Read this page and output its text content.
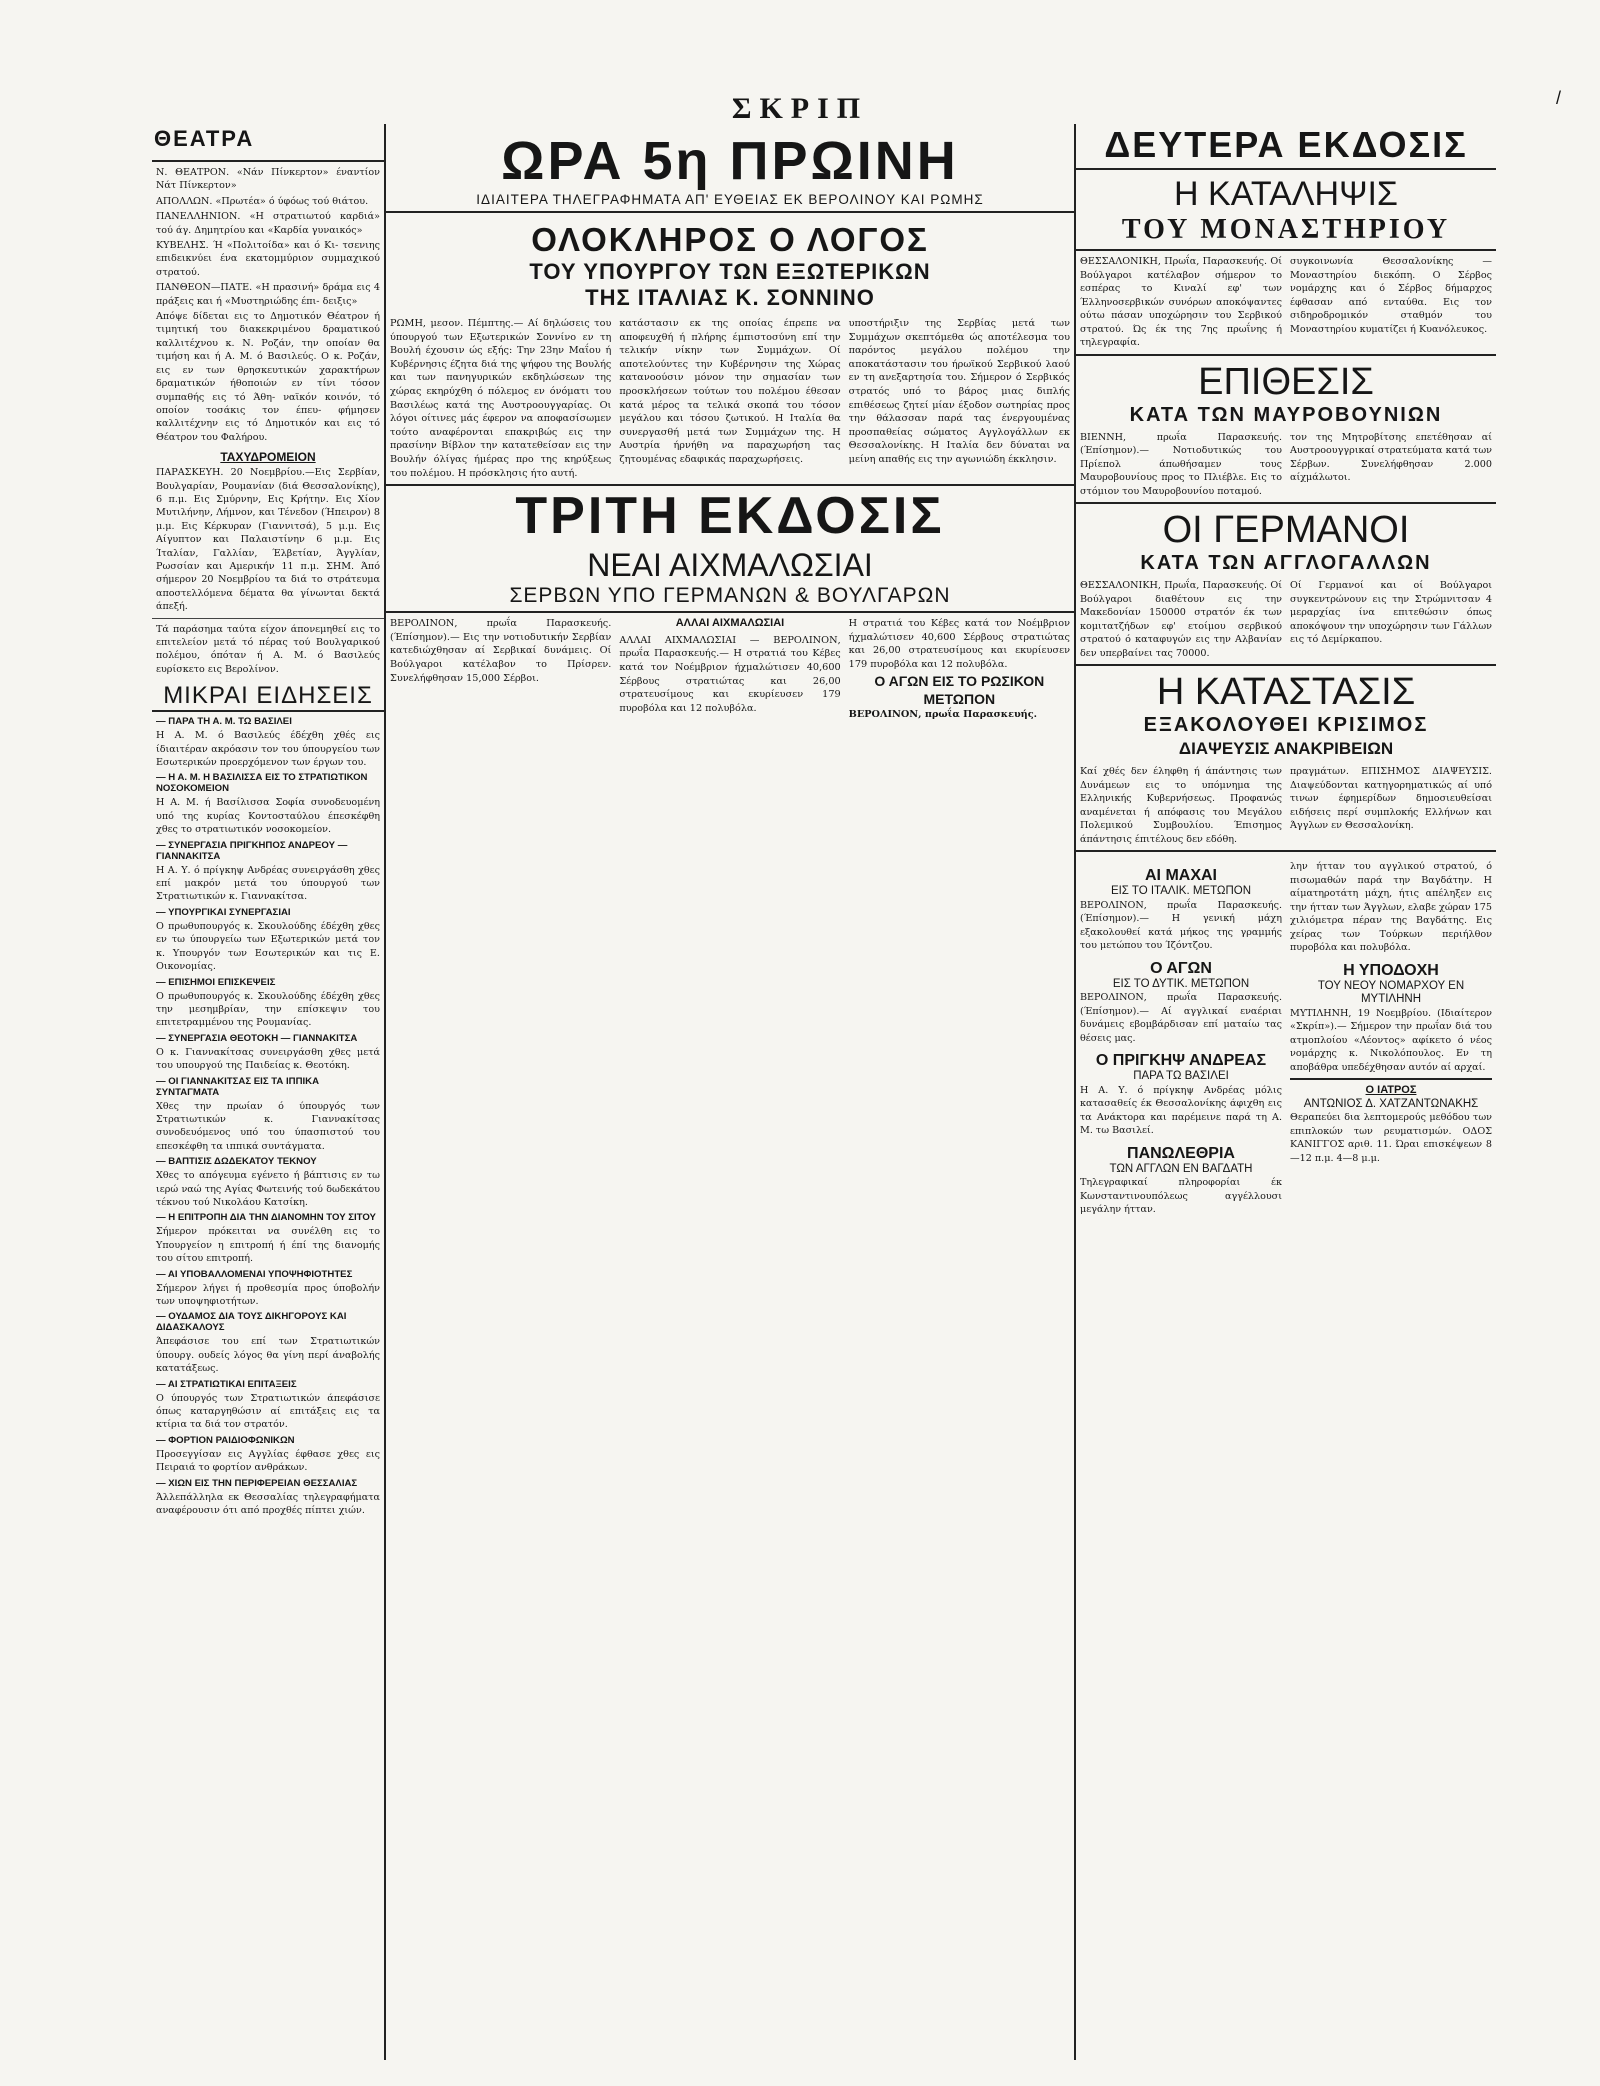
ΣΚΡΙΠ	/
ΘΕΑΤΡΑ

Ν. ΘΕΑΤΡΟΝ. «Νάν Πίνκερτον» έναντίον Νάτ Πίνκερτον»

ΑΠΟΛΛΩΝ. «Πρωτέα» ό ύφόως τού θιάτου.

ΠΑΝΕΛΛΗΝΙΟΝ. «Η στρατιωτού καρδιά» τού άγ. Δημητρίου και «Καρδία γυναικός»

ΚΥΒΕΛΗΣ. Ή «Πολιτοίδα» και ό Κι- τσενιης επιδεικνύει ένα εκατομμύριον συμμαχικού στρατού.

ΠΑΝΘΕΟΝ—ΠΑΤΕ. «Η πρασινή» δράμα εις 4 πράξεις και ή «Μυστηριώδης έπι- δειξις»

Απόψε δίδεται εις το Δημοτικόν Θέατρον ή τιμητική του διακεκριμένου δραματικού καλλιτέχνου κ. Ν. Ροζάν, την οποίαν θα τιμήση και ή Α. Μ. ό Βασιλεύς. Ο κ. Ροζάν, εις εν των θρησκευτικών χαρακτήρων δραματικών ήθοποιών εν τίνι τόσον συμπαθής εις τό Άθη- ναϊκόν κοινόν, τό οποίον τοσάκις τον έπευ- φήμησεν καλλιτέχνην εις τό Δημοτικόν και εις τό Θέατρον του Φαλήρου.

ΤΑΧΥΔΡΟΜΕΙΟΝ

ΠΑΡΑΣΚΕΥΗ. 20 Νοεμβρίου.—Εις Σερβίαν, Βουλγαρίαν, Ρουμανίαν (διά Θεσσαλονίκης), 6 π.μ. Εις Σμύρνην, Εις Κρήτην. Εις Χίον Μυτιλήνην, Λήμνον, και Τένεδον (Ήπειρον) 8 μ.μ. Εις Κέρκυραν (Γιαννιτσά), 5 μ.μ. Εις Αίγυπτον και Παλαιστίνην 6 μ.μ. Εις Ίταλίαν, Γαλλίαν, Έλβετίαν, Άγγλίαν, Ρωσσίαν και Αμερικήν 11 π.μ. ΣΗΜ. Άπό σήμερον 20 Νοεμβρίου τα διά το στράτευμα αποστελλόμενα δέματα θα γίνωνται δεκτά άπεξή.

Τά παράσημα ταύτα είχον άπονεμηθεί εις το επιτελείον μετά τό πέρας τού Βουλγαρικού πολέμου, όπόταν ή Α. Μ. ό Βασιλεύς ευρίσκετο εις Βερολίνον.

ΜΙΚΡΑΙ ΕΙΔΗΣΕΙΣ
— ΠΑΡΑ ΤΗ Α. Μ. ΤΩ ΒΑΣΙΛΕΙ

Η Α. Μ. ό Βασιλεύς έδέχθη χθές εις ίδιαιτέραν ακρόασιν τον του ύπουργείου των Εσωτερικών προερχόμενον των έργων του.

— Η Α. Μ. Η ΒΑΣΙΛΙΣΣΑ ΕΙΣ ΤΟ ΣΤΡΑΤΙΩΤΙΚΟΝ ΝΟΣΟΚΟΜΕΙΟΝ

Η Α. Μ. ή Βασίλισσα Σοφία συνοδευομένη υπό της κυρίας Κοντοσταύλου έπεσκέφθη χθες το στρατιωτικόν νοσοκομείον.

— ΣΥΝΕΡΓΑΣΙΑ ΠΡΙΓΚΗΠΟΣ ΑΝΔΡΕΟΥ — ΓΙΑΝΝΑΚΙΤΣΑ

Η Α. Υ. ό πρίγκηψ Ανδρέας συνειργάσθη χθες επί μακρόν μετά του ύπουργού των Στρατιωτικών κ. Γιαννακίτσα.

— ΥΠΟΥΡΓΙΚΑΙ ΣΥΝΕΡΓΑΣΙΑΙ

Ο πρωθυπουργός κ. Σκουλούδης έδέχθη χθες εν τω ύπουργείω των Εξωτερικών μετά τον κ. Υπουργόν των Εσωτερικών και τις Ε. Οικονομίας.

— ΕΠΙΣΗΜΟΙ ΕΠΙΣΚΕΨΕΙΣ

Ο πρωθυπουργός κ. Σκουλούδης έδέχθη χθες την μεσημβρίαν, την επίσκεψιν του επιτετραμμένου της Ρουμανίας.

— ΣΥΝΕΡΓΑΣΙΑ ΘΕΟΤΟΚΗ — ΓΙΑΝΝΑΚΙΤΣΑ

Ο κ. Γιαννακίτσας συνειργάσθη χθες μετά του υπουργού της Παιδείας κ. Θεοτόκη.

— ΟΙ ΓΙΑΝΝΑΚΙΤΣΑΣ ΕΙΣ ΤΑ ΙΠΠΙΚΑ ΣΥΝΤΑΓΜΑΤΑ

Χθες την πρωίαν ό ύπουργός των Στρατιωτικών κ. Γιαννακίτσας συνοδευόμενος υπό του ύπασπιστού του επεσκέφθη τα ιππικά συντάγματα.

— ΒΑΠΤΙΣΙΣ ΔΩΔΕΚΑΤΟΥ ΤΕΚΝΟΥ

Χθες το απόγευμα εγένετο ή βάπτισις εν τω ιερώ ναώ της Αγίας Φωτεινής τού δωδεκάτου τέκνου τού Νικολάου Κατσίκη.

— Η ΕΠΙΤΡΟΠΗ ΔΙΑ ΤΗΝ ΔΙΑΝΟΜΗΝ ΤΟΥ ΣΙΤΟΥ

Σήμερον πρόκειται να συνέλθη εις το Υπουργείον η επιτροπή ή έπί της διανομής του σίτου επιτροπή.

— ΑΙ ΥΠΟΒΑΛΛΟΜΕΝΑΙ ΥΠΟΨΗΦΙΟΤΗΤΕΣ

Σήμερον λήγει ή προθεσμία προς ύποβολήν των υποψηφιοτήτων.

— ΟΥΔΑΜΟΣ ΔΙΑ ΤΟΥΣ ΔΙΚΗΓΟΡΟΥΣ ΚΑΙ ΔΙΔΑΣΚΑΛΟΥΣ

Άπεφάσισε του επί των Στρατιωτικών ύπουργ. ουδείς λόγος θα γίνη περί άναβολής κατατάξεως.

— ΑΙ ΣΤΡΑΤΙΩΤΙΚΑΙ ΕΠΙΤΑΞΕΙΣ

Ο ύπουργός των Στρατιωτικών άπεφάσισε όπως καταργηθώσιν αί επιτάξεις εις τα κτίρια τα διά τον στρατόν.

— ΦΟΡΤΙΟΝ ΡΑΙΔΙΟΦΩΝΙΚΩΝ

Προσεγγίσαν εις Αγγλίας έφθασε χθες εις Πειραιά το φορτίον ανθράκων.

— ΧΙΩΝ ΕΙΣ ΤΗΝ ΠΕΡΙΦΕΡΕΙΑΝ ΘΕΣΣΑΛΙΑΣ

Άλλεπάλληλα εκ Θεσσαλίας τηλεγραφήματα αναφέρουσιν ότι από προχθές πίπτει χιών.

ΩΡΑ 5η ΠΡΩΙΝΗ
ΙΔΙΑΙΤΕΡΑ ΤΗΛΕΓΡΑΦΗΜΑΤΑ ΑΠ' ΕΥΘΕΙΑΣ ΕΚ ΒΕΡΟΛΙΝΟΥ ΚΑΙ ΡΩΜΗΣ
ΟΛΟΚΛΗΡΟΣ Ο ΛΟΓΟΣ
ΤΟΥ ΥΠΟΥΡΓΟΥ ΤΩΝ ΕΞΩΤΕΡΙΚΩΝ
ΤΗΣ ΙΤΑΛΙΑΣ Κ. ΣΟΝΝΙΝΟ
ΡΩΜΗ, μεσον. Πέμπτης.— Αί δηλώσεις του ύπουργού των Εξωτερικών Σοννίνο εν τη Βουλή έχουσιν ώς εξής: Την 23ην Μαΐου ή Κυβέρνησις έζητα διά της ψήφου της Βουλής και των πανηγυρικών εκδηλώσεων της χώρας εκηρύχθη ό πόλεμος εν όνόματι του Βασιλέως κατά της Αυστροουγγαρίας. Οι λόγοι οίτινες μάς έφερον να αποφασίσωμεν τούτο αναφέρονται επακριβώς εις την πρασίνην Βίβλον την κατατεθείσαν εις την Βουλήν όλίγας ήμέρας προ της κηρύξεως του πολέμου. Η πρόσκλησις ήτο αυτή.
κατάστασιν εκ της οποίας έπρεπε να αποφευχθή ή πλήρης έμπιστοσύνη επί την τελικήν νίκην των Συμμάχων. Οί αποτελούντες την Κυβέρνησιν της Χώρας κατανοούσιν μόνον την σημασίαν των προσκλήσεων τούτων του πολέμου έθεσαν κατά μέρος τα τελικά σκοπά του τόσον μεγάλου και τόσου ζωτικού. Η Ιταλία θα συνεργασθή μετά των Συμμάχων της. Η Αυστρία ήρνήθη να παραχωρήση τας ζητουμένας εδαφικάς παραχωρήσεις.
υποστήριξιν της Σερβίας μετά των Συμμάχων σκεπτόμεθα ώς αποτέλεσμα του παρόντος μεγάλου πολέμου την αποκατάστασιν του ήρωϊκού Σερβικού λαού εν τη ανεξαρτησία του. Σήμερον ό Σερβικός στρατός υπό το βάρος μιας διπλής επιθέσεως ζητεί μίαν έξοδον σωτηρίας προς την θάλασσαν παρά τας ένεργουμένας προσπαθείας σώματος Αγγλογάλλων εκ Θεσσαλονίκης. Η Ιταλία δεν δύναται να μείνη απαθής εις την αγωνιώδη έκκλησιν.
ΤΡΙΤΗ ΕΚΔΟΣΙΣ
ΝΕΑΙ ΑΙΧΜΑΛΩΣΙΑΙ
ΣΕΡΒΩΝ ΥΠΟ ΓΕΡΜΑΝΩΝ & ΒΟΥΛΓΑΡΩΝ
ΒΕΡΟΛΙΝΟΝ, πρωΐα Παρασκευής. (Έπίσημον).— Εις την νοτιοδυτικήν Σερβίαν κατεδιώχθησαν αί Σερβικαί δυνάμεις. Οί Βούλγαροι κατέλαβον το Πρίσρεν. Συνελήφθησαν 15,000 Σέρβοι.
ΑΛΛΑΙ ΑΙΧΜΑΛΩΣΙΑΙ
ΑΛΛΑΙ ΑΙΧΜΑΛΩΣΙΑΙ — ΒΕΡΟΛΙΝΟΝ, πρωΐα Παρασκευής.— Η στρατιά του Κέβες κατά τον Νοέμβριον ήχμαλώτισεν 40,600 Σέρβους στρατιώτας και 26,00 στρατευσίμους και εκυρίευσεν 179 πυροβόλα και 12 πολυβόλα.
Η στρατιά του Κέβες κατά τον Νοέμβριον ήχμαλώτισεν 40,600 Σέρβους στρατιώτας και 26,00 στρατευσίμους και εκυρίευσεν 179 πυροβόλα και 12 πολυβόλα.
Ο ΑΓΩΝ ΕΙΣ ΤΟ ΡΩΣΙΚΟΝ ΜΕΤΩΠΟΝ
ΒΕΡΟΛΙΝΟΝ, πρωΐα Παρασκευής.
ΔΕΥΤΕΡΑ ΕΚΔΟΣΙΣ
Η ΚΑΤΑΛΗΨΙΣ
ΤΟΥ ΜΟΝΑΣΤΗΡΙΟΥ
ΘΕΣΣΑΛΟΝΙΚΗ, Πρωΐα, Παρασκευής. Οί Βούλγαροι κατέλαβον σήμερον το εσπέρας το Κιναλί εφ' των Έλληνοσερβικών συνόρων αποκόψαντες ούτω πάσαν υποχώρησιν του Σερβικού στρατού. Ώς έκ της 7ης πρωΐνης ή τηλεγραφία.
συγκοινωνία Θεσσαλονίκης — Μοναστηρίου διεκόπη. Ο Σέρβος νομάρχης και ό Σέρβος δήμαρχος έφθασαν από ενταύθα. Εις τον σιδηροδρομικόν σταθμόν του Μοναστηρίου κυματίζει ή Κυανόλευκος.
ΕΠΙΘΕΣΙΣ
ΚΑΤΑ ΤΩΝ ΜΑΥΡΟΒΟΥΝΙΩΝ
ΒΙΕΝΝΗ, πρωΐα Παρασκευής. (Έπίσημον).— Νοτιοδυτικώς του Πρίεπολ άπωθήσαμεν τους Μαυροβουνίους προς το Πλιέβλε. Εις το στόμιον του Μαυροβουνίου ποταμού.
τον της Μητροβίτσης επετέθησαν αί Αυστροουγγρικαί στρατεύματα κατά των Σέρβων. Συνελήφθησαν 2.000 αίχμάλωτοι.
ΟΙ ΓΕΡΜΑΝΟΙ
ΚΑΤΑ ΤΩΝ ΑΓΓΛΟΓΑΛΛΩΝ
ΘΕΣΣΑΛΟΝΙΚΗ, Πρωΐα, Παρασκευής. Οί Βούλγαροι διαθέτουν εις την Μακεδονίαν 150000 στρατόν έκ των κομιτατζήδων εφ' ετοίμου σερβικού στρατού ό καταφυγών εις την Αλβανίαν δεν υπερβαίνει τας 70000.
Οί Γερμανοί και οί Βούλγαροι συγκεντρώνουν εις την Στρώμνιτσαν 4 μεραρχίας ίνα επιτεθώσιν όπως αποκόψουν την υποχώρησιν των Γάλλων εις τό Δεμίρκαπου.
Η ΚΑΤΑΣΤΑΣΙΣ
ΕΞΑΚΟΛΟΥΘΕΙ ΚΡΙΣΙΜΟΣ
ΔΙΑΨΕΥΣΙΣ ΑΝΑΚΡΙΒΕΙΩΝ
Καί χθές δεν έληφθη ή άπάντησις των Δυνάμεων εις το υπόμνημα της Ελληνικής Κυβερνήσεως. Προφανώς αναμένεται ή απόφασις του Μεγάλου Πολεμικού Συμβουλίου. Έπισημος άπάντησις έπιτέλους δεν εδόθη.
πραγμάτων. ΕΠΙΣΗΜΟΣ ΔΙΑΨΕΥΣΙΣ. Διαψεύδονται κατηγορηματικώς αί υπό τινων έφημερίδων δημοσιευθείσαι ειδήσεις περί συμπλοκής Ελλήνων και Άγγλων εν Θεσσαλονίκη.
ΑΙ ΜΑΧΑΙ
ΕΙΣ ΤΟ ΙΤΑΛΙΚ. ΜΕΤΩΠΟΝ
ΒΕΡΟΛΙΝΟΝ, πρωΐα Παρασκευής. (Έπίσημον).— Η γενική μάχη εξακολουθεί κατά μήκος της γραμμής του μετώπου του Ίζόντζου.
Ο ΑΓΩΝ
ΕΙΣ ΤΟ ΔΥΤΙΚ. ΜΕΤΩΠΟΝ
ΒΕΡΟΛΙΝΟΝ, πρωΐα Παρασκευής. (Έπίσημον).— Αί αγγλικαί εναέριαι δυνάμεις εβομβάρδισαν επί ματαίω τας θέσεις μας.
Ο ΠΡΙΓΚΗΨ ΑΝΔΡΕΑΣ
ΠΑΡΑ ΤΩ ΒΑΣΙΛΕΙ
Η Α. Υ. ό πρίγκηψ Ανδρέας μόλις κατασαθείς έκ Θεσσαλονίκης άφιχθη εις τα Ανάκτορα και παρέμεινε παρά τη Α. Μ. τω Βασιλεί.
ΠΑΝΩΛΕΘΡΙΑ
ΤΩΝ ΑΓΓΛΩΝ ΕΝ ΒΑΓΔΑΤΗ
Τηλεγραφικαί πληροφορίαι έκ Κωνσταντινουπόλεως αγγέλλουσι μεγάλην ήτταν.
λην ήτταν του αγγλικού στρατού, ό πισωμαθών παρά την Βαγδάτην. Η αίματηροτάτη μάχη, ήτις απέληξεν εις την ήτταν των Άγγλων, ελαβε χώραν 175 χιλιόμετρα πέραν της Βαγδάτης. Εις χείρας των Τούρκων περιήλθον πυροβόλα και πολυβόλα.
Η ΥΠΟΔΟΧΗ
ΤΟΥ ΝΕΟΥ ΝΟΜΑΡΧΟΥ ΕΝ ΜΥΤΙΛΗΝΗ
ΜΥΤΙΛΗΝΗ, 19 Νοεμβρίου. (Ιδιαίτερον «Σκρίπ»).— Σήμερον την πρωΐαν διά του ατμοπλοίου «Λέοντος» αφίκετο ό νέος νομάρχης κ. Νικολόπουλος. Εν τη αποβάθρα υπεδέχθησαν αυτόν αί αρχαί.
Ο ΙΑΤΡΟΣ
ΑΝΤΩΝΙΟΣ Δ. ΧΑΤΖΑΝΤΩΝΑΚΗΣ
Θεραπεύει δια λεπτομερούς μεθόδου των επιπλοκών των ρευματισμών. ΟΔΟΣ ΚΑΝΙΓΓΟΣ αριθ. 11. Ώραι επισκέψεων 8—12 π.μ. 4—8 μ.μ.
